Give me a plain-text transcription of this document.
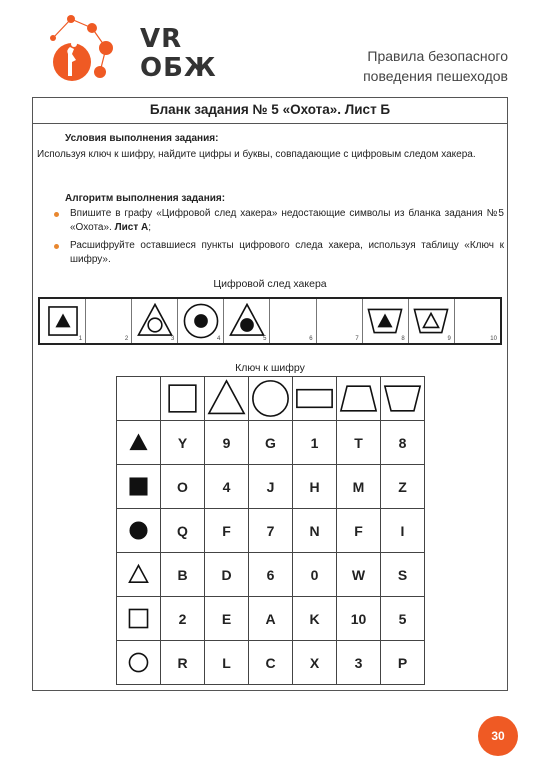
VR
ОБЖ	Правила безопасного
поведения пешеходов
Бланк задания № 5 «Охота». Лист Б
Условия выполнения задания:
Используя ключ к шифру, найдите цифры и буквы, совпадающие с цифровым следом хакера.
Алгоритм выполнения задания:
Впишите в графу «Цифровой след хакера» недостающие символы из бланка задания №5 «Охота». Лист А;
Расшифруйте оставшиеся пункты цифрового следа хакера, используя таблицу «Ключ к шифру».
Цифровой след хакера
1	2	3	4	5	6	7	8	9	10
Ключ к шифру

	Y	9	G	1	T	8

	O	4	J	H	M	Z

	Q	F	7	N	F	I

	B	D	6	0	W	S

	2	E	A	K	10	5

	R	L	C	X	3	P
30
